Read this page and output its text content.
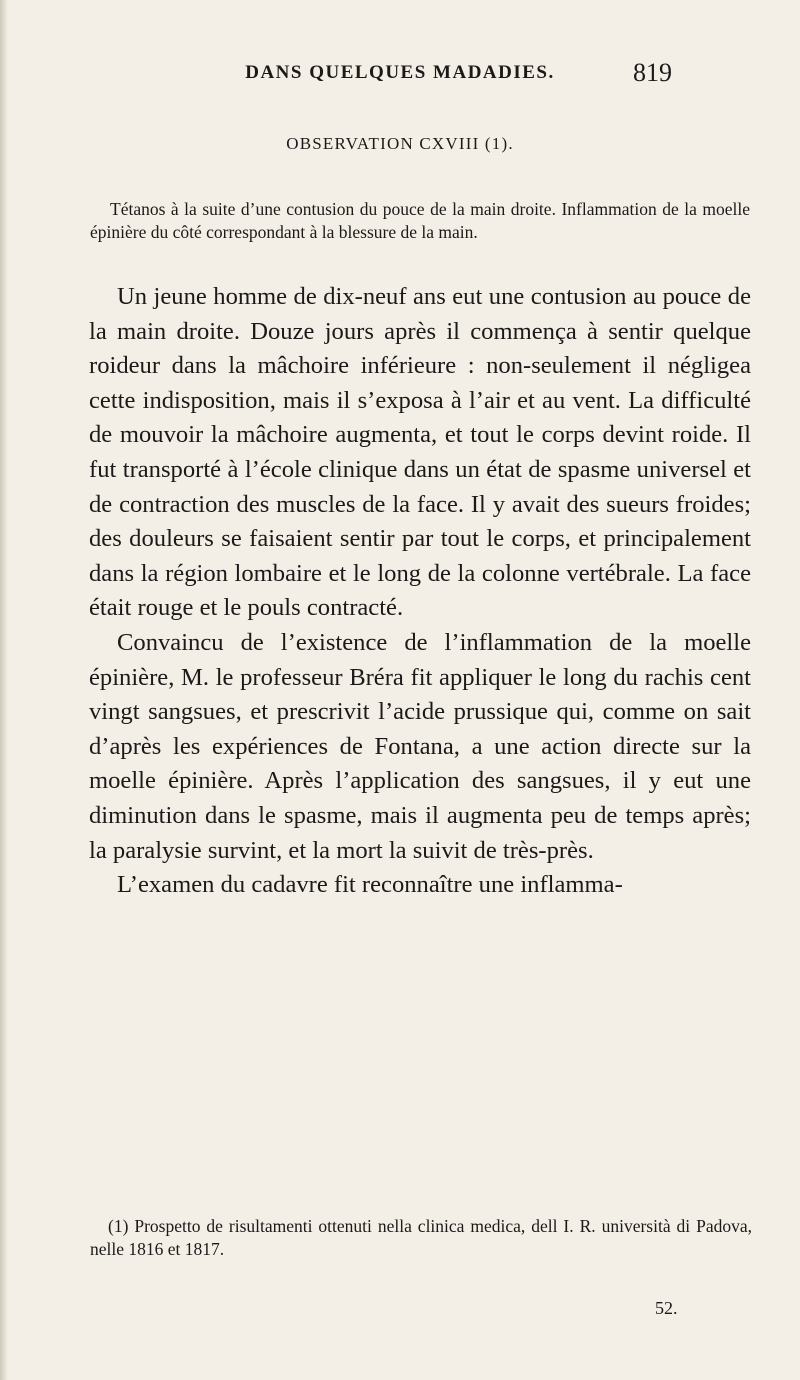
DANS QUELQUES MADADIES.	819
OBSERVATION CXVIII (1).

Tétanos à la suite d’une contusion du pouce de la main droite. Inflammation de la moelle épinière du côté correspondant à la blessure de la main.

Un jeune homme de dix-neuf ans eut une contusion au pouce de la main droite. Douze jours après il commença à sentir quelque roideur dans la mâchoire inférieure : non-seulement il négligea cette indisposition, mais il s’exposa à l’air et au vent. La difficulté de mouvoir la mâchoire augmenta, et tout le corps devint roide. Il fut transporté à l’école clinique dans un état de spasme universel et de contraction des muscles de la face. Il y avait des sueurs froides; des douleurs se faisaient sentir par tout le corps, et principalement dans la région lombaire et le long de la colonne vertébrale. La face était rouge et le pouls contracté.

Convaincu de l’existence de l’inflammation de la moelle épinière, M. le professeur Bréra fit appliquer le long du rachis cent vingt sangsues, et prescrivit l’acide prussique qui, comme on sait d’après les expériences de Fontana, a une action directe sur la moelle épinière. Après l’application des sangsues, il y eut une diminution dans le spasme, mais il augmenta peu de temps après; la paralysie survint, et la mort la suivit de très-près.

L’examen du cadavre fit reconnaître une inflamma-

(1) Prospetto de risultamenti ottenuti nella clinica medica, dell I. R. università di Padova, nelle 1816 et 1817.

52.
